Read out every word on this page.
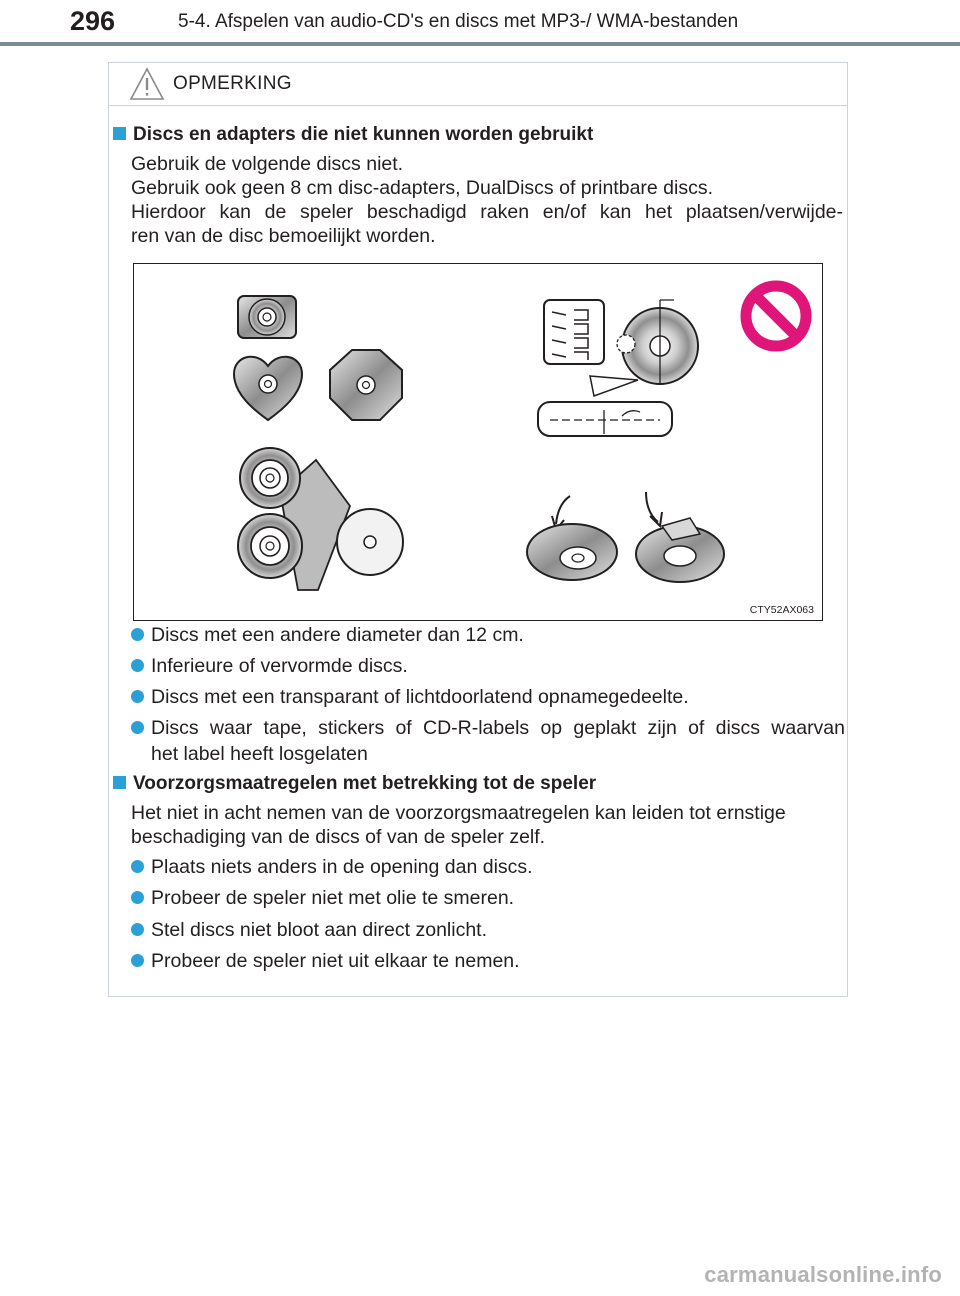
296	5-4. Afspelen van audio-CD's en discs met MP3-/ WMA-bestanden
OPMERKING
Discs en adapters die niet kunnen worden gebruikt
Gebruik de volgende discs niet.
Gebruik ook geen 8 cm disc-adapters, DualDiscs of printbare discs.
Hierdoor kan de speler beschadigd raken en/of kan het plaatsen/verwijde-
ren van de disc bemoeilijkt worden.
CTY52AX063
Discs met een andere diameter dan 12 cm.
Inferieure of vervormde discs.
Discs met een transparant of lichtdoorlatend opnamegedeelte.
Discs waar tape, stickers of CD-R-labels op geplakt zijn of discs waarvan
het label heeft losgelaten
Voorzorgsmaatregelen met betrekking tot de speler
Het niet in acht nemen van de voorzorgsmaatregelen kan leiden tot ernstige
beschadiging van de discs of van de speler zelf.
Plaats niets anders in de opening dan discs.
Probeer de speler niet met olie te smeren.
Stel discs niet bloot aan direct zonlicht.
Probeer de speler niet uit elkaar te nemen.
carmanualsonline.info
